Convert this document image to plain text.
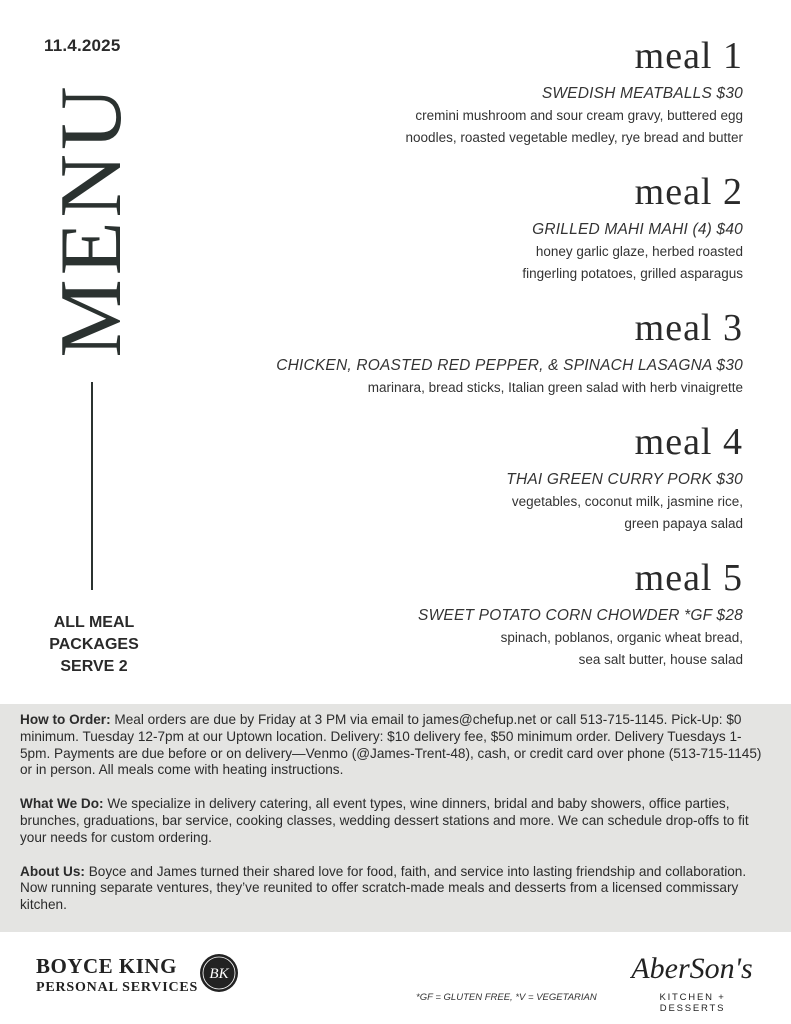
11.4.2025
MENU
ALL MEAL
PACKAGES
SERVE 2
meal 1
SWEDISH MEATBALLS $30
cremini mushroom and sour cream gravy, buttered egg
noodles, roasted vegetable medley, rye bread and butter
meal 2
GRILLED MAHI MAHI (4) $40
honey garlic glaze, herbed roasted
fingerling potatoes, grilled asparagus
meal 3
CHICKEN, ROASTED RED PEPPER, & SPINACH LASAGNA $30
marinara, bread sticks, Italian green salad with herb vinaigrette
meal 4
THAI GREEN CURRY PORK $30
vegetables, coconut milk, jasmine rice,
green papaya salad
meal 5
SWEET POTATO CORN CHOWDER *GF $28
spinach, poblanos, organic wheat bread,
sea salt butter, house salad

How to Order: Meal orders are due by Friday at 3 PM via email to james@chefup.net or call 513-715-1145. Pick-Up: $0 minimum. Tuesday 12-7pm at our Uptown location. Delivery: $10 delivery fee, $50 minimum order. Delivery Tuesdays 1-5pm. Payments are due before or on delivery—Venmo (@James-Trent-48), cash, or credit card over phone (513-715-1145) or in person. All meals come with heating instructions.

What We Do: We specialize in delivery catering, all event types, wine dinners, bridal and baby showers, office parties, brunches, graduations, bar service, cooking classes, wedding dessert stations and more. We can schedule drop-offs to fit your needs for custom ordering.

About Us: Boyce and James turned their shared love for food, faith, and service into lasting friendship and collaboration. Now running separate ventures, they’ve reunited to offer scratch-made meals and desserts from a licensed commissary kitchen.

BOYCE KING
PERSONAL SERVICES
BK
*GF = GLUTEN FREE, *V = VEGETARIAN
AberSon's
KITCHEN + DESSERTS
